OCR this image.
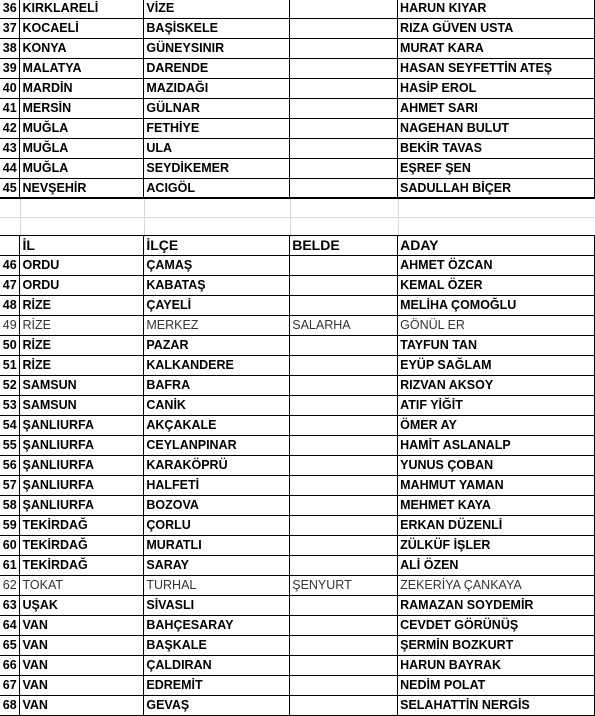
36	KIRKLARELİ	VİZE		HARUN KIYAR
37	KOCAELİ	BAŞİSKELE		RIZA GÜVEN USTA
38	KONYA	GÜNEYSINIR		MURAT KARA
39	MALATYA	DARENDE		HASAN SEYFETTİN ATEŞ
40	MARDİN	MAZIDAĞI		HASİP EROL
41	MERSİN	GÜLNAR		AHMET SARI
42	MUĞLA	FETHİYE		NAGEHAN BULUT
43	MUĞLA	ULA		BEKİR TAVAS
44	MUĞLA	SEYDİKEMER		EŞREF ŞEN
45	NEVŞEHİR	ACIGÖL		SADULLAH BİÇER
	İL	İLÇE	BELDE	ADAY
46	ORDU	ÇAMAŞ		AHMET ÖZCAN
47	ORDU	KABATAŞ		KEMAL ÖZER
48	RİZE	ÇAYELİ		MELİHA ÇOMOĞLU
49	RİZE	MERKEZ	SALARHA	GÖNÜL ER
50	RİZE	PAZAR		TAYFUN TAN
51	RİZE	KALKANDERE		EYÜP SAĞLAM
52	SAMSUN	BAFRA		RIZVAN AKSOY
53	SAMSUN	CANİK		ATIF YİĞİT
54	ŞANLIURFA	AKÇAKALE		ÖMER AY
55	ŞANLIURFA	CEYLANPINAR		HAMİT ASLANALP
56	ŞANLIURFA	KARAKÖPRÜ		YUNUS ÇOBAN
57	ŞANLIURFA	HALFETİ		MAHMUT YAMAN
58	ŞANLIURFA	BOZOVA		MEHMET KAYA
59	TEKİRDAĞ	ÇORLU		ERKAN DÜZENLİ
60	TEKİRDAĞ	MURATLI		ZÜLKÜF İŞLER
61	TEKİRDAĞ	SARAY		ALİ ÖZEN
62	TOKAT	TURHAL	ŞENYURT	ZEKERİYA ÇANKAYA
63	UŞAK	SİVASLI		RAMAZAN SOYDEMİR
64	VAN	BAHÇESARAY		CEVDET GÖRÜNÜŞ
65	VAN	BAŞKALE		ŞERMİN BOZKURT
66	VAN	ÇALDIRAN		HARUN BAYRAK
67	VAN	EDREMİT		NEDİM POLAT
68	VAN	GEVAŞ		SELAHATTİN NERGİS
